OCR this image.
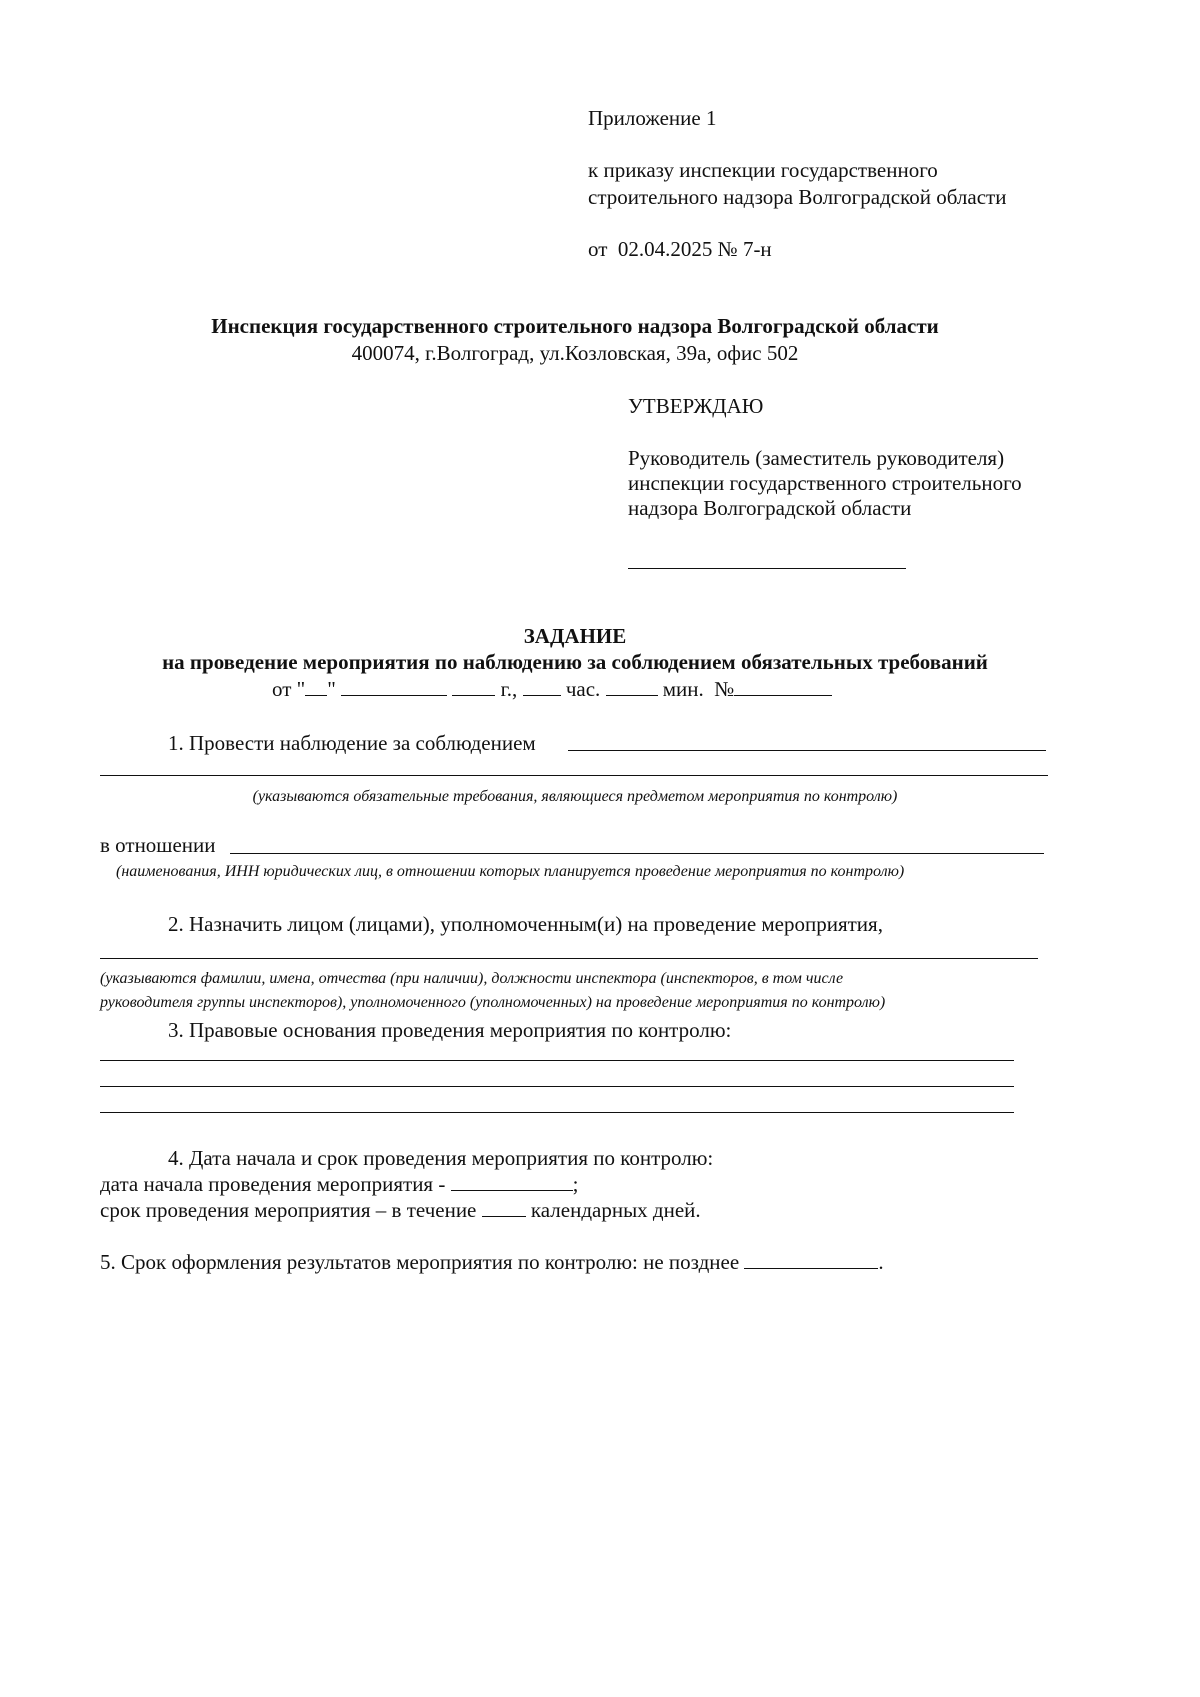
Приложение 1
к приказу инспекции государственного
строительного надзора Волгоградской области
от 02.04.2025 № 7-н
Инспекция государственного строительного надзора Волгоградской области
400074, г.Волгоград, ул.Козловская, 39а, офис 502
УТВЕРЖДАЮ
Руководитель (заместитель руководителя)
инспекции государственного строительного
надзора Волгоградской области
ЗАДАНИЕ
на проведение мероприятия по наблюдению за соблюдением обязательных требований
от " "	г., час.	мин. №
1. Провести наблюдение за соблюдением
(указываются обязательные требования, являющиеся предметом мероприятия по контролю)
в отношении
(наименования, ИНН юридических лиц, в отношении которых планируется проведение мероприятия по контролю)
2. Назначить лицом (лицами), уполномоченным(и) на проведение мероприятия,
(указываются фамилии, имена, отчества (при наличии), должности инспектора (инспекторов, в том числе
руководителя группы инспекторов), уполномоченного (уполномоченных) на проведение мероприятия по контролю)
3. Правовые основания проведения мероприятия по контролю:
4. Дата начала и срок проведения мероприятия по контролю:
дата начала проведения мероприятия -	;
срок проведения мероприятия – в течение	календарных дней.
5. Срок оформления результатов мероприятия по контролю: не позднее	.
